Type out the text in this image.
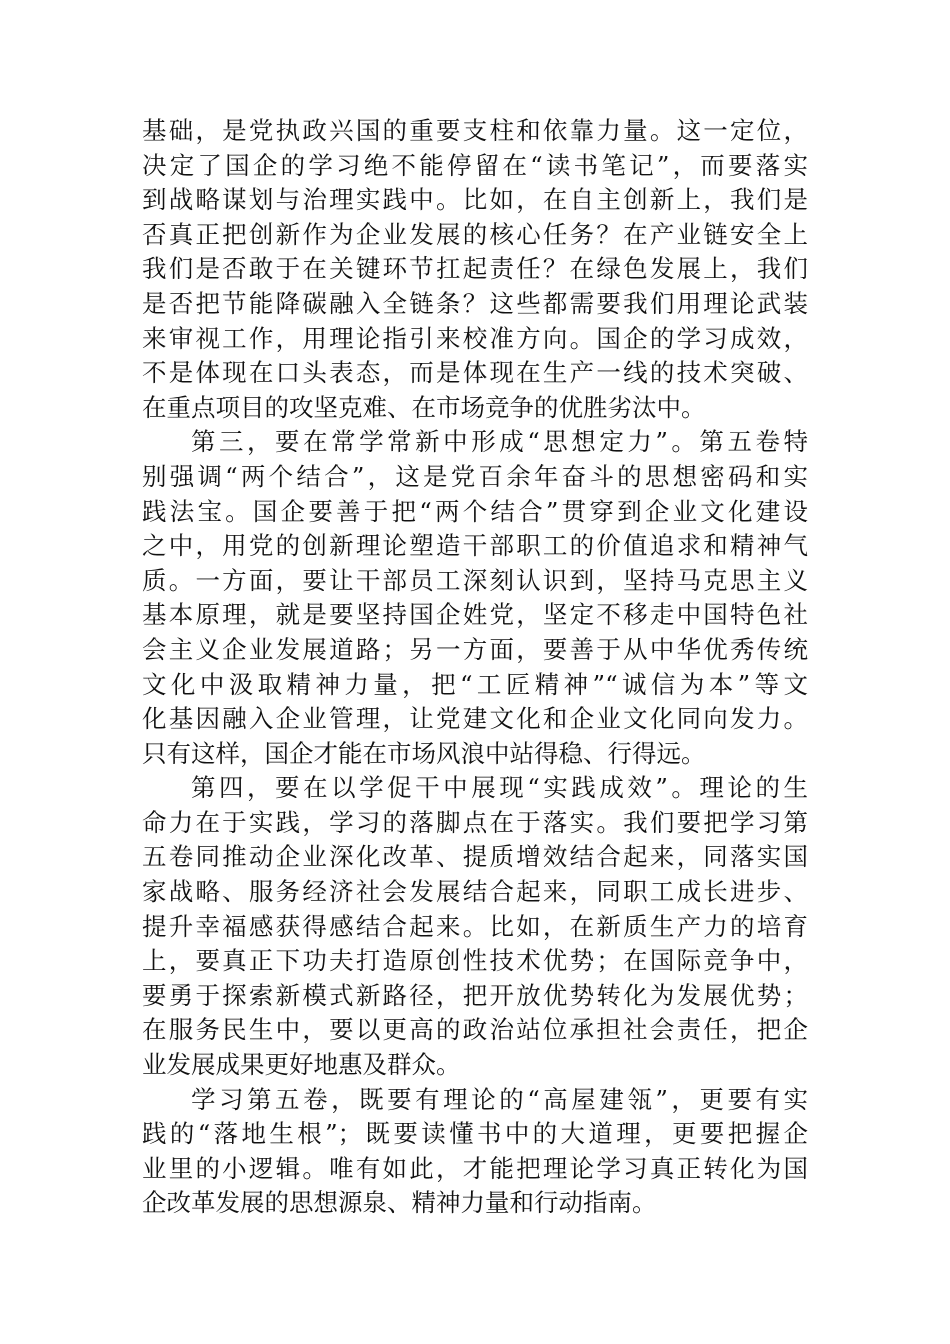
基础，是党执政兴国的重要支柱和依靠力量。这一定位，
决定了国企的学习绝不能停留在“读书笔记”，而要落实
到战略谋划与治理实践中。比如，在自主创新上，我们是
否真正把创新作为企业发展的核心任务？在产业链安全上
我们是否敢于在关键环节扛起责任？在绿色发展上，我们
是否把节能降碳融入全链条？这些都需要我们用理论武装
来审视工作，用理论指引来校准方向。国企的学习成效，
不是体现在口头表态，而是体现在生产一线的技术突破、
在重点项目的攻坚克难、在市场竞争的优胜劣汰中。
第三，要在常学常新中形成“思想定力”。第五卷特
别强调“两个结合”，这是党百余年奋斗的思想密码和实
践法宝。国企要善于把“两个结合”贯穿到企业文化建设
之中，用党的创新理论塑造干部职工的价值追求和精神气
质。一方面，要让干部员工深刻认识到，坚持马克思主义
基本原理，就是要坚持国企姓党，坚定不移走中国特色社
会主义企业发展道路；另一方面，要善于从中华优秀传统
文化中汲取精神力量，把“工匠精神”“诚信为本”等文
化基因融入企业管理，让党建文化和企业文化同向发力。
只有这样，国企才能在市场风浪中站得稳、行得远。
第四，要在以学促干中展现“实践成效”。理论的生
命力在于实践，学习的落脚点在于落实。我们要把学习第
五卷同推动企业深化改革、提质增效结合起来，同落实国
家战略、服务经济社会发展结合起来，同职工成长进步、
提升幸福感获得感结合起来。比如，在新质生产力的培育
上，要真正下功夫打造原创性技术优势；在国际竞争中，
要勇于探索新模式新路径，把开放优势转化为发展优势；
在服务民生中，要以更高的政治站位承担社会责任，把企
业发展成果更好地惠及群众。
学习第五卷，既要有理论的“高屋建瓴”，更要有实
践的“落地生根”；既要读懂书中的大道理，更要把握企
业里的小逻辑。唯有如此，才能把理论学习真正转化为国
企改革发展的思想源泉、精神力量和行动指南。
